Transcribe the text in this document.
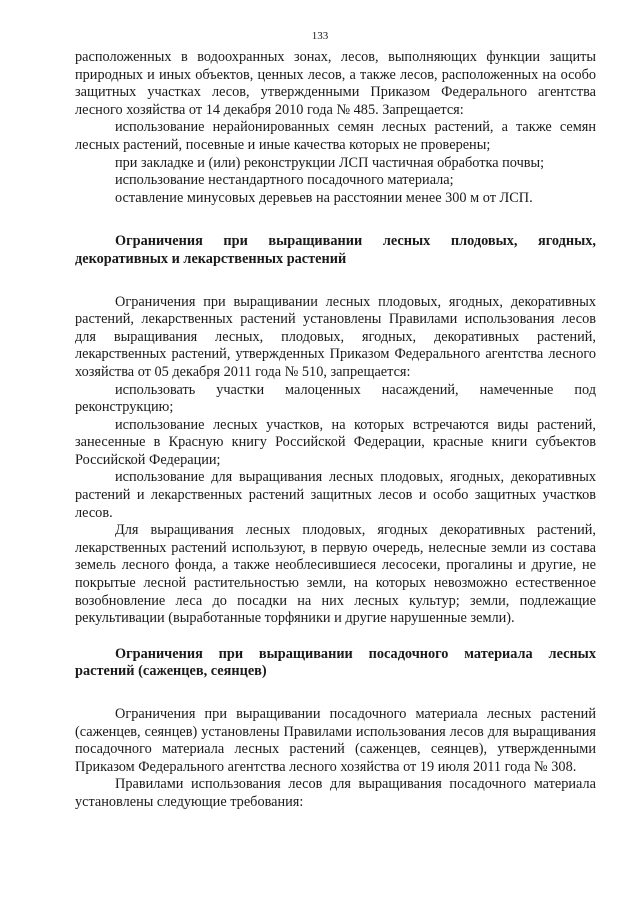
133

расположенных в водоохранных зонах, лесов, выполняющих функции защиты природных и иных объектов, ценных лесов, а также лесов, расположенных на особо защитных участках лесов, утвержденными Приказом Федерального агентства лесного хозяйства от 14 декабря 2010 года № 485. Запрещается:

использование нерайонированных семян лесных растений, а также семян лесных растений, посевные и иные качества которых не проверены;

при закладке и (или) реконструкции ЛСП частичная обработка почвы;

использование нестандартного посадочного материала;

оставление минусовых деревьев на расстоянии менее 300 м от ЛСП.

Ограничения при выращивании лесных плодовых, ягодных, декоративных и лекарственных растений

Ограничения при выращивании лесных плодовых, ягодных, декоративных растений, лекарственных растений установлены Правилами использования лесов для выращивания лесных, плодовых, ягодных, декоративных растений, лекарственных растений, утвержденных Приказом Федерального агентства лесного хозяйства от 05 декабря 2011 года № 510, запрещается:

использовать участки малоценных насаждений, намеченные под реконструкцию;

использование лесных участков, на которых встречаются виды растений, занесенные в Красную книгу Российской Федерации, красные книги субъектов Российской Федерации;

использование для выращивания лесных плодовых, ягодных, декоративных растений и лекарственных растений защитных лесов и особо защитных участков лесов.

Для выращивания лесных плодовых, ягодных декоративных растений, лекарственных растений используют, в первую очередь, нелесные земли из состава земель лесного фонда, а также необлесившиеся лесосеки, прогалины и другие, не покрытые лесной растительностью земли, на которых невозможно естественное возобновление леса до посадки на них лесных культур; земли, подлежащие рекультивации (выработанные торфяники и другие нарушенные земли).

Ограничения при выращивании посадочного материала лесных растений (саженцев, сеянцев)

Ограничения при выращивании посадочного материала лесных растений (саженцев, сеянцев) установлены Правилами использования лесов для выращивания посадочного материала лесных растений (саженцев, сеянцев), утвержденными Приказом Федерального агентства лесного хозяйства от 19 июля 2011 года № 308.

Правилами использования лесов для выращивания посадочного материала установлены следующие требования:
